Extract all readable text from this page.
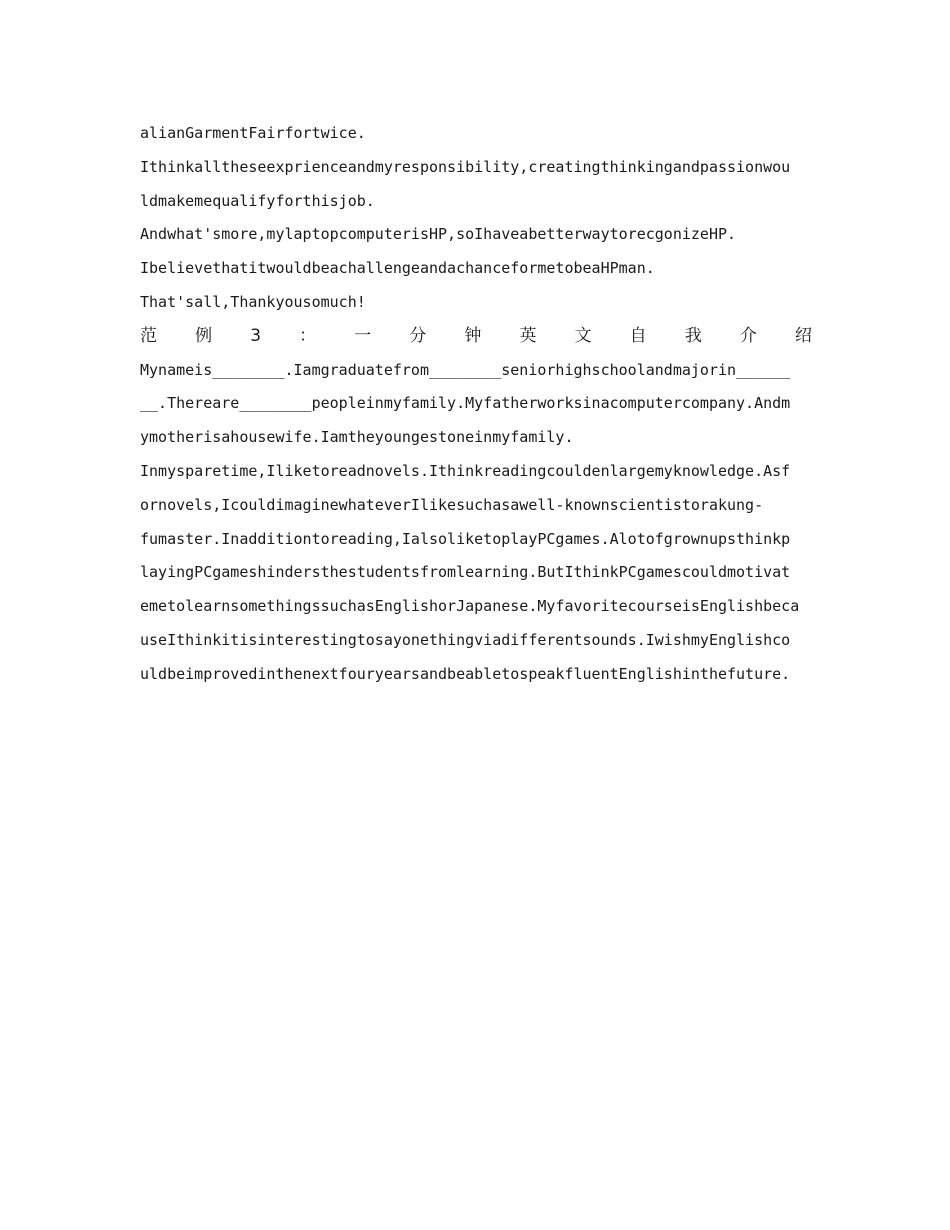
alianGarmentFairfortwice.
Ithinkalltheseexprienceandmyresponsibility,creatingthinkingandpassionwou
ldmakemequalifyforthisjob.
Andwhat'smore,mylaptopcomputerisHP,soIhaveabetterwaytorecgonizeHP.
IbelievethatitwouldbeachallengeandachanceformetobeaHPman.
That'sall,Thankyousomuch!
范 例 3 ： 一 分 钟 英 文 自 我 介 绍
Mynameis________.Iamgraduatefrom________seniorhighschoolandmajorin______
__.Thereare________peopleinmyfamily.Myfatherworksinacomputercompany.Andm
ymotherisahousewife.Iamtheyoungestoneinmyfamily.
Inmysparetime,Iliketoreadnovels.Ithinkreadingcouldenlargemyknowledge.Asf
ornovels,IcouldimaginewhateverIlikesuchasawell-knownscientistorakung-
fumaster.Inadditiontoreading,IalsoliketoplayPCgames.Alotofgrownupsthinkp
layingPCgameshindersthestudentsfromlearning.ButIthinkPCgamescouldmotivat
emetolearnsomethingssuchasEnglishorJapanese.MyfavoritecourseisEnglishbeca
useIthinkitisinterestingtosayonethingviadifferentsounds.IwishmyEnglishco
uldbeimprovedinthenextfouryearsandbeabletospeakfluentEnglishinthefuture.
